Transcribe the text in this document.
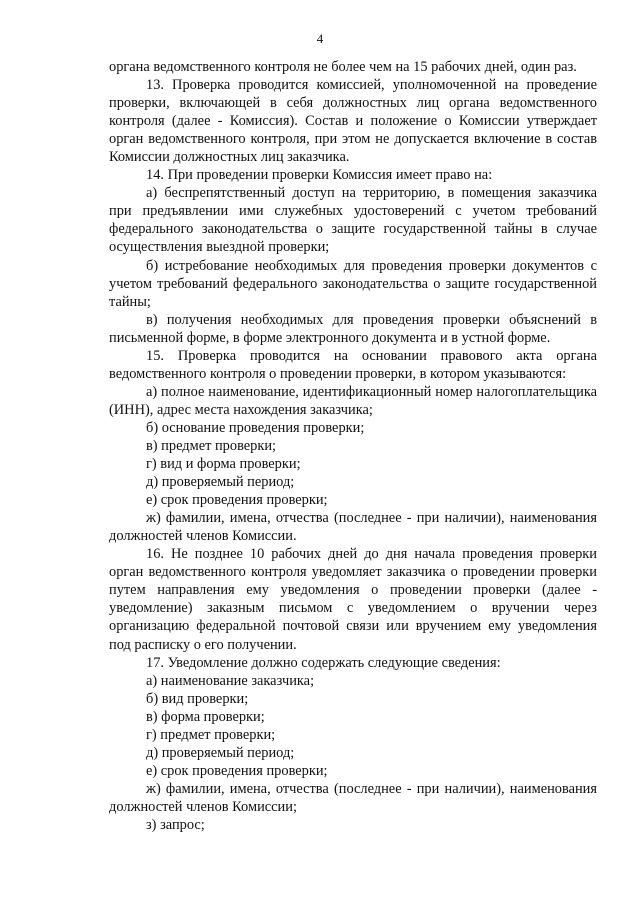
4

органа ведомственного контроля не более чем на 15 рабочих дней, один раз.

13. Проверка проводится комиссией, уполномоченной на проведение проверки, включающей в себя должностных лиц органа ведомственного контроля (далее - Комиссия). Состав и положение о Комиссии утверждает орган ведомственного контроля, при этом не допускается включение в состав Комиссии должностных лиц заказчика.

14. При проведении проверки Комиссия имеет право на:

а) беспрепятственный доступ на территорию, в помещения заказчика при предъявлении ими служебных удостоверений с учетом требований федерального законодательства о защите государственной тайны в случае осуществления выездной проверки;

б) истребование необходимых для проведения проверки документов с учетом требований федерального законодательства о защите государственной тайны;

в) получения необходимых для проведения проверки объяснений в письменной форме, в форме электронного документа и в устной форме.

15. Проверка проводится на основании правового акта органа ведомственного контроля о проведении проверки, в котором указываются:

а) полное наименование, идентификационный номер налогоплательщика (ИНН), адрес места нахождения заказчика;

б) основание проведения проверки;

в) предмет проверки;

г) вид и форма проверки;

д) проверяемый период;

е) срок проведения проверки;

ж) фамилии, имена, отчества (последнее - при наличии), наименования должностей членов Комиссии.

16. Не позднее 10 рабочих дней до дня начала проведения проверки орган ведомственного контроля уведомляет заказчика о проведении проверки путем направления ему уведомления о проведении проверки (далее - уведомление) заказным письмом с уведомлением о вручении через организацию федеральной почтовой связи или вручением ему уведомления под расписку о его получении.

17. Уведомление должно содержать следующие сведения:

а) наименование заказчика;

б) вид проверки;

в) форма проверки;

г) предмет проверки;

д) проверяемый период;

е) срок проведения проверки;

ж) фамилии, имена, отчества (последнее - при наличии), наименования должностей членов Комиссии;

з) запрос;
